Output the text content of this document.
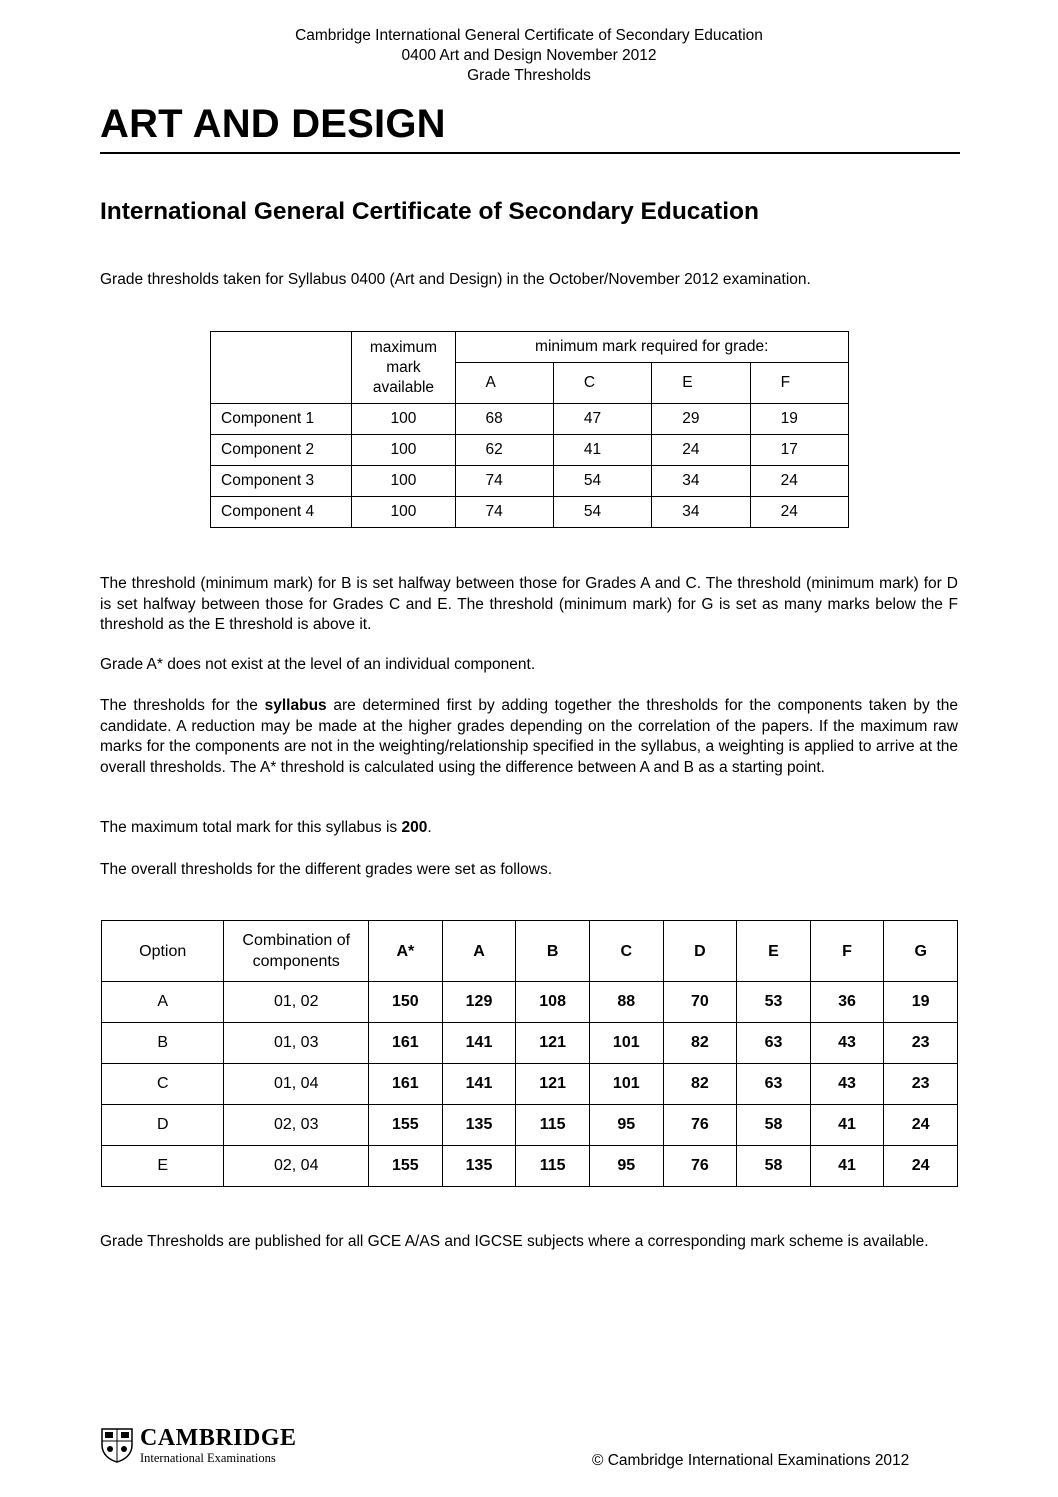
Cambridge International General Certificate of Secondary Education
0400 Art and Design November 2012
Grade Thresholds
ART AND DESIGN
International General Certificate of Secondary Education
Grade thresholds taken for Syllabus 0400 (Art and Design) in the October/November 2012 examination.

	maximum
mark
available	minimum mark required for grade:			
		A	C	E	F
Component 1	100	68	47	29	19
Component 2	100	62	41	24	17
Component 3	100	74	54	34	24
Component 4	100	74	54	34	24
The threshold (minimum mark) for B is set halfway between those for Grades A and C. The threshold (minimum mark) for D is set halfway between those for Grades C and E. The threshold (minimum mark) for G is set as many marks below the F threshold as the E threshold is above it.
Grade A* does not exist at the level of an individual component.
The thresholds for the syllabus are determined first by adding together the thresholds for the components taken by the candidate. A reduction may be made at the higher grades depending on the correlation of the papers. If the maximum raw marks for the components are not in the weighting/relationship specified in the syllabus, a weighting is applied to arrive at the overall thresholds. The A* threshold is calculated using the difference between A and B as a starting point.
The maximum total mark for this syllabus is 200.
The overall thresholds for the different grades were set as follows.
Option	Combination of components	A*	A	B	C	D	E	F	G
A	01, 02	150	129	108	88	70	53	36	19
B	01, 03	161	141	121	101	82	63	43	23
C	01, 04	161	141	121	101	82	63	43	23
D	02, 03	155	135	115	95	76	58	41	24
E	02, 04	155	135	115	95	76	58	41	24
Grade Thresholds are published for all GCE A/AS and IGCSE subjects where a corresponding mark scheme is available.
CAMBRIDGE
International Examinations	© Cambridge International Examinations 2012
